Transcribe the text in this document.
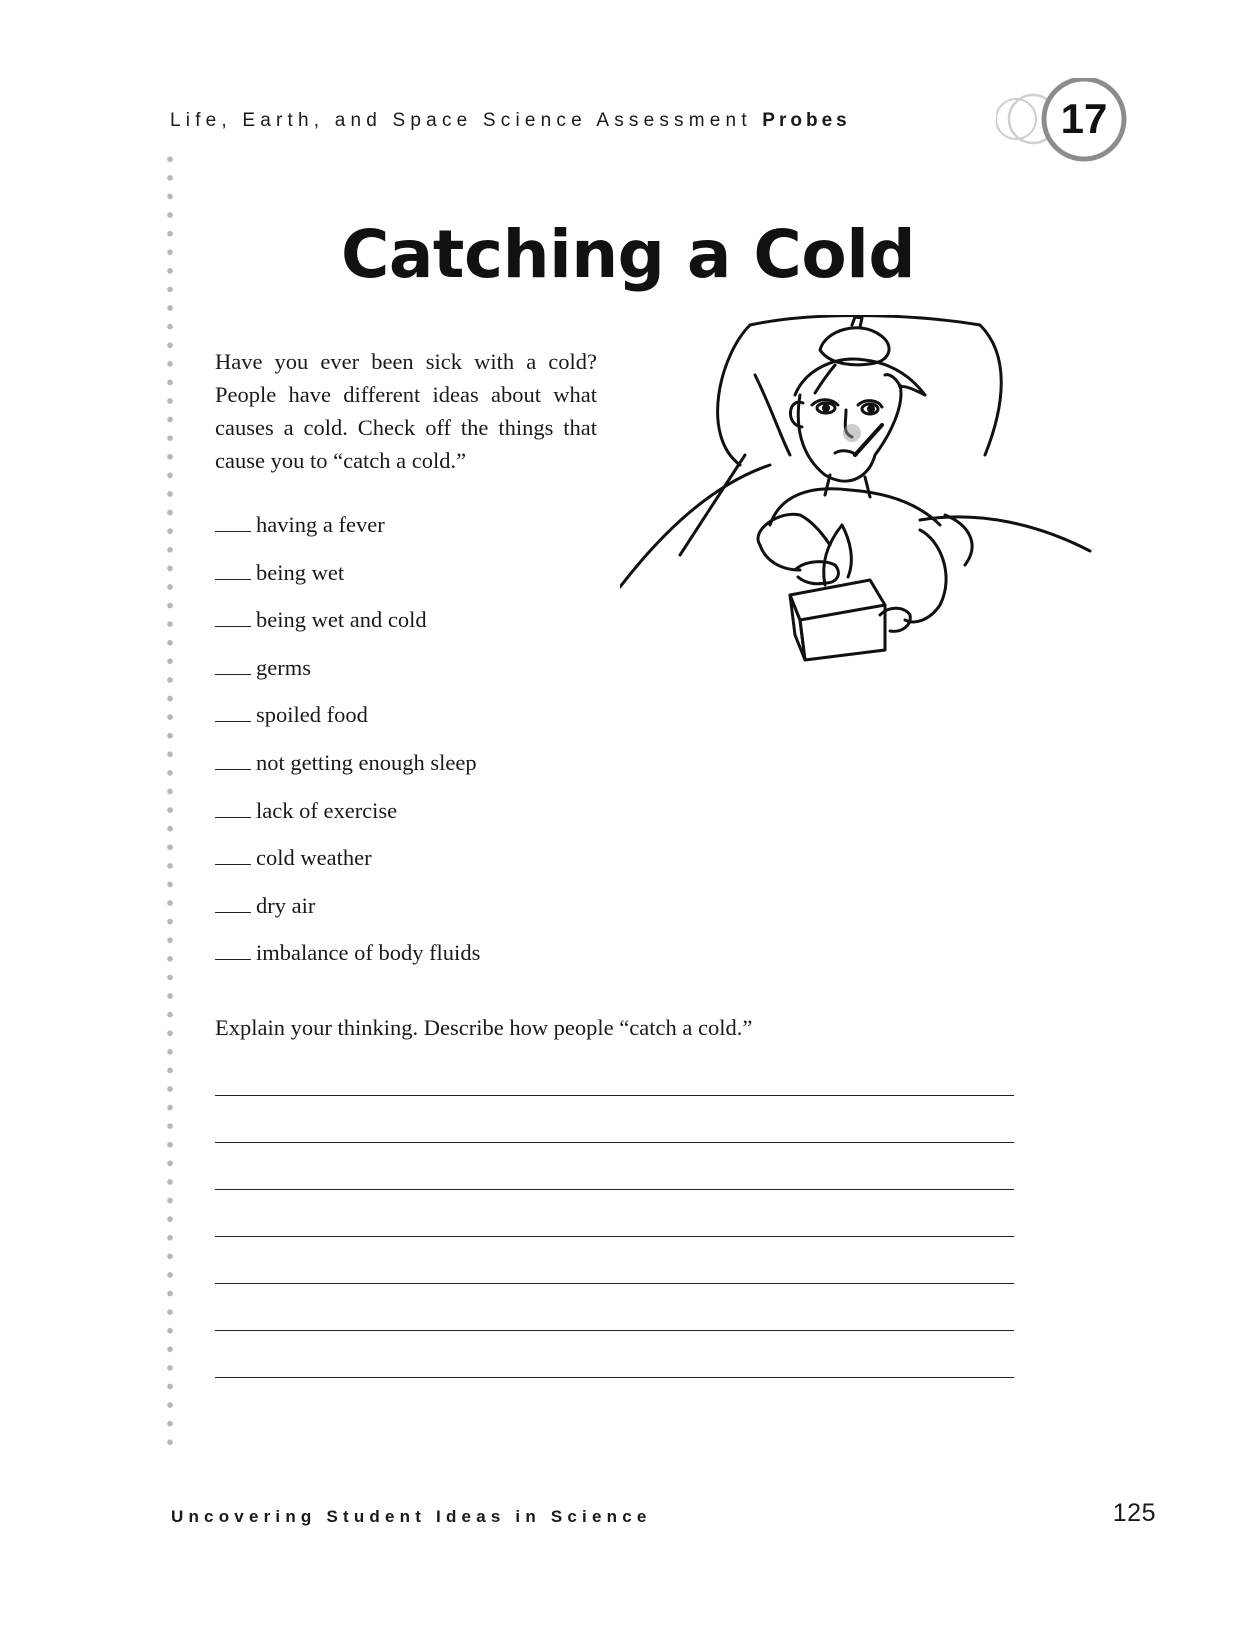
Life, Earth, and Space Science Assessment Probes	17
Catching a Cold
Have you ever been sick with a cold? People have different ideas about what causes a cold. Check off the things that cause you to “catch a cold.”
having a fever
being wet
being wet and cold
germs
spoiled food
not getting enough sleep
lack of exercise
cold weather
dry air
imbalance of body fluids
Explain your thinking. Describe how people “catch a cold.”
Uncovering Student Ideas in Science	125
